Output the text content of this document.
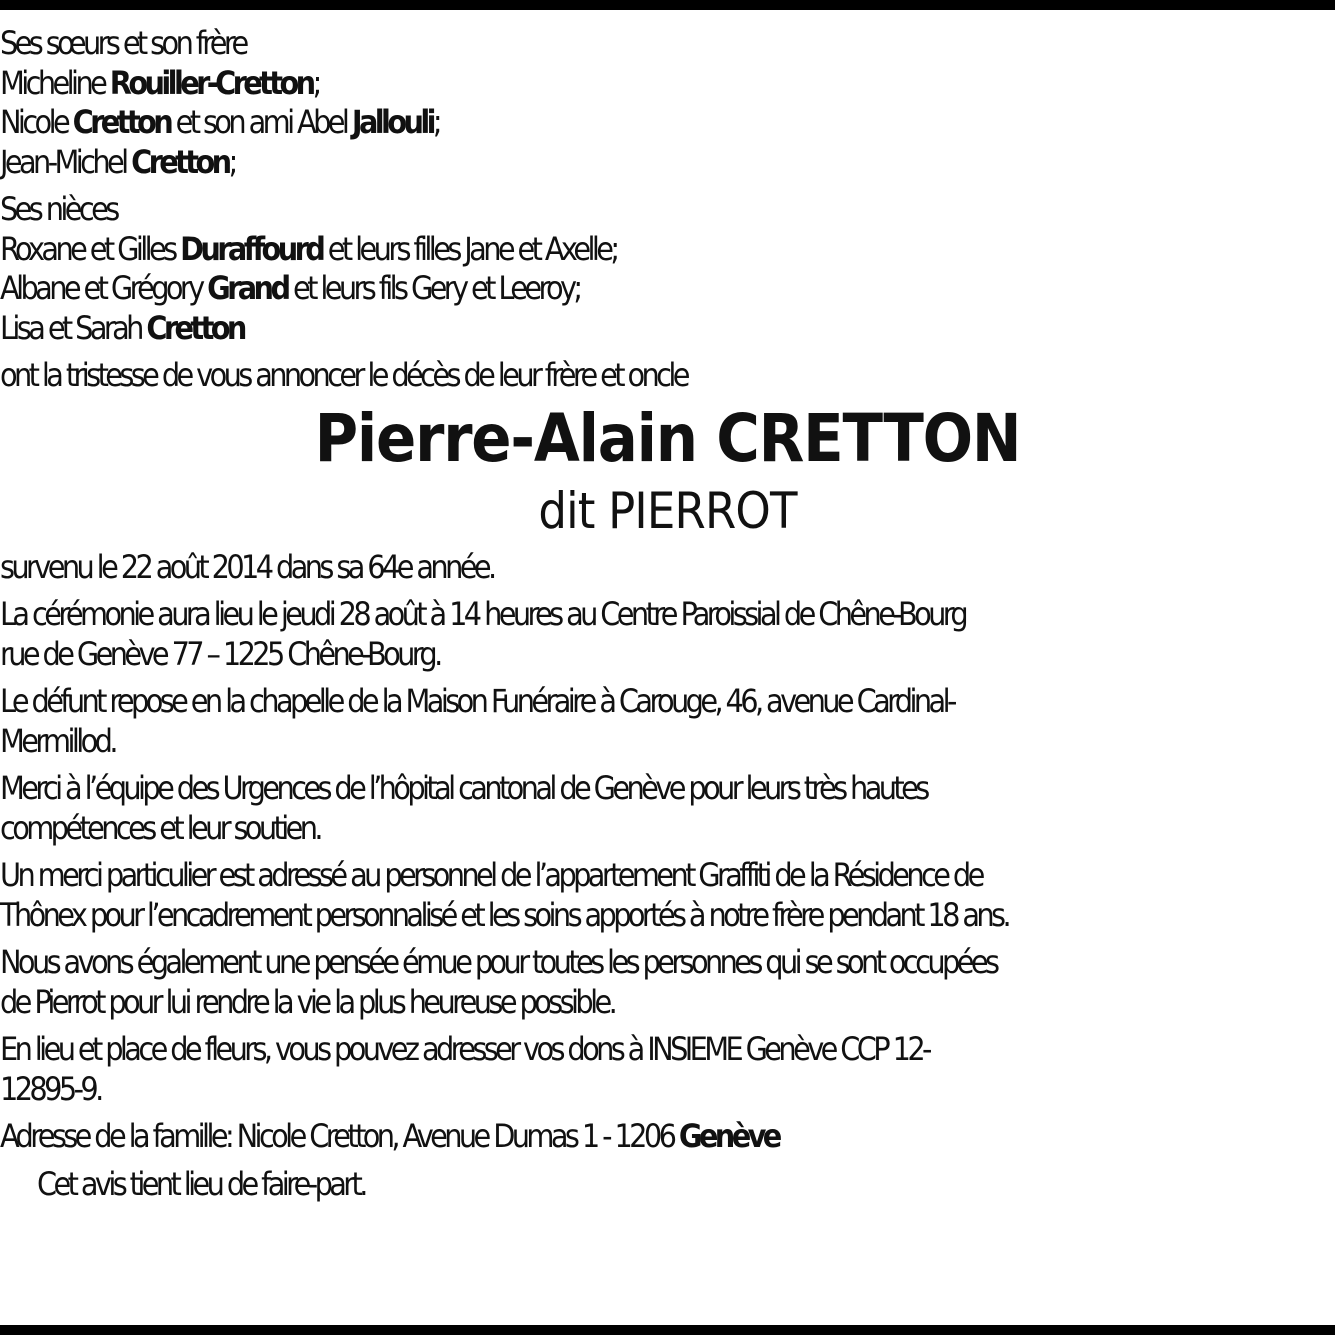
Ses sœurs et son frère
Micheline Rouiller-Cretton;
Nicole Cretton et son ami Abel Jallouli;
Jean-Michel Cretton;
Ses nièces
Roxane et Gilles Duraffourd et leurs filles Jane et Axelle;
Albane et Grégory Grand et leurs fils Gery et Leeroy;
Lisa et Sarah Cretton
ont la tristesse de vous annoncer le décès de leur frère et oncle
Pierre-Alain CRETTON
dit PIERROT
survenu le 22 août 2014 dans sa 64e année.
La cérémonie aura lieu le jeudi 28 août à 14 heures au Centre Paroissial de Chêne-Bourg
rue de Genève 77 – 1225 Chêne-Bourg.
Le défunt repose en la chapelle de la Maison Funéraire à Carouge, 46, avenue Cardinal-
Mermillod.
Merci à l’équipe des Urgences de l’hôpital cantonal de Genève pour leurs très hautes
compétences et leur soutien.
Un merci particulier est adressé au personnel de l’appartement Graffiti de la Résidence de
Thônex pour l’encadrement personnalisé et les soins apportés à notre frère pendant 18 ans.
Nous avons également une pensée émue pour toutes les personnes qui se sont occupées
de Pierrot pour lui rendre la vie la plus heureuse possible.
En lieu et place de fleurs, vous pouvez adresser vos dons à INSIEME Genève CCP 12-
12895-9.
Adresse de la famille: Nicole Cretton, Avenue Dumas 1 - 1206 Genève
Cet avis tient lieu de faire-part.
